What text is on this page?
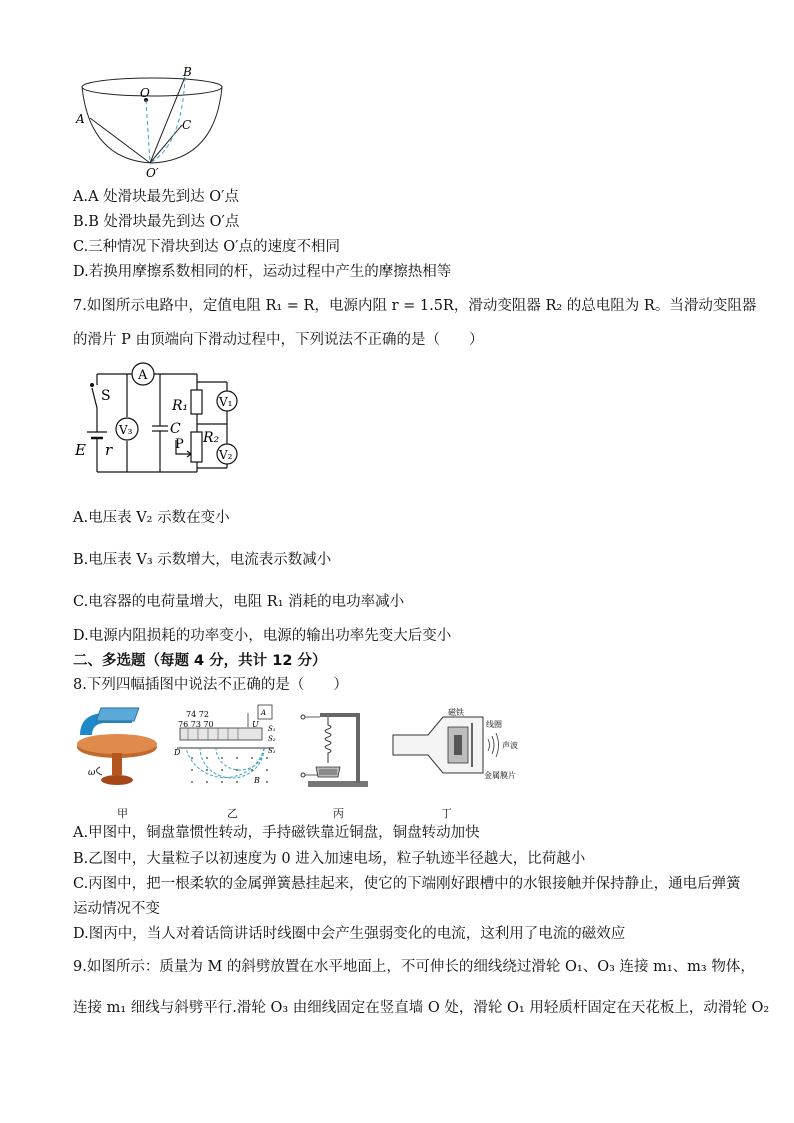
O
B
A	C
O′
A.A 处滑块最先到达 O′点
B.B 处滑块最先到达 O′点
C.三种情况下滑块到达 O′点的速度不相同
D.若换用摩擦系数相同的杆，运动过程中产生的摩擦热相等
7.如图所示电路中，定值电阻 R₁ = R，电源内阻 r = 1.5R，滑动变阻器 R₂ 的总电阻为 R。当滑动变阻器
的滑片 P 由顶端向下滑动过程中，下列说法不正确的是（　　）
A
V₃
V₁
V₂
S
R₁
R₂
C
P
E r
A.电压表 V₂ 示数在变小
B.电压表 V₃ 示数增大，电流表示数减小
C.电容器的电荷量增大，电阻 R₁ 消耗的电功率减小
D.电源内阻损耗的功率变小，电源的输出功率先变大后变小
二、多选题（每题 4 分，共计 12 分）
8.下列四幅插图中说法不正确的是（　　）
ω
74 72
76 73 70
D
B
A
U S₁
S₂
S₃
磁铁
线圈
声波
金属膜片
甲	乙	丙	丁
A.甲图中，铜盘靠惯性转动，手持磁铁靠近铜盘，铜盘转动加快
B.乙图中，大量粒子以初速度为 0 进入加速电场，粒子轨迹半径越大，比荷越小
C.丙图中，把一根柔软的金属弹簧悬挂起来，使它的下端刚好跟槽中的水银接触并保持静止，通电后弹簧
运动情况不变
D.图丙中，当人对着话筒讲话时线圈中会产生强弱变化的电流，这利用了电流的磁效应
9.如图所示：质量为 M 的斜劈放置在水平地面上，不可伸长的细线绕过滑轮 O₁、O₃ 连接 m₁、m₃ 物体，
连接 m₁ 细线与斜劈平行.滑轮 O₃ 由细线固定在竖直墙 O 处，滑轮 O₁ 用轻质杆固定在天花板上，动滑轮 O₂
